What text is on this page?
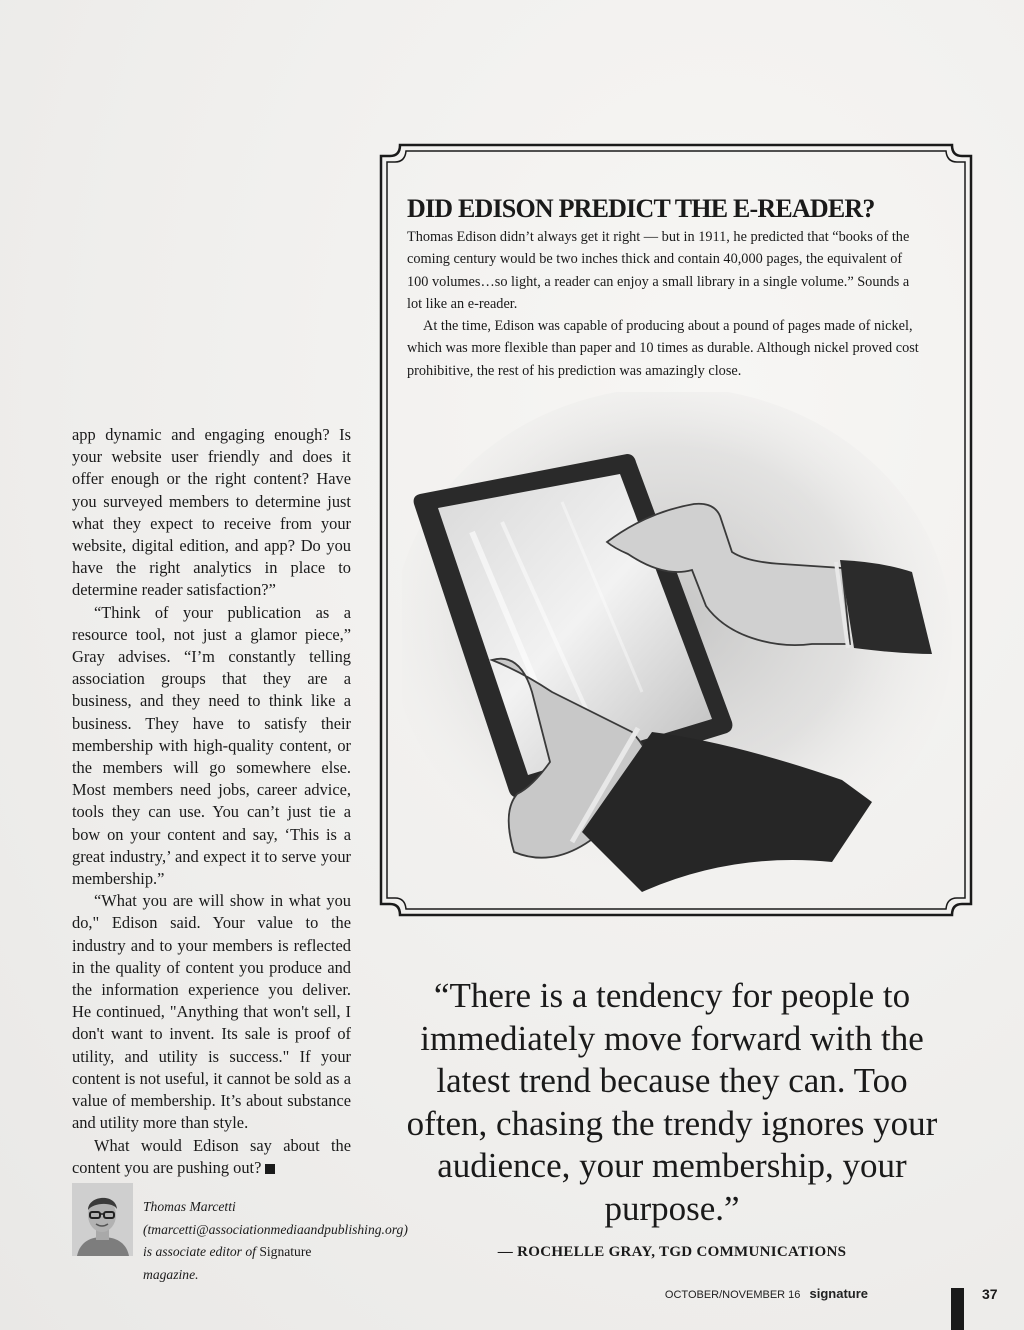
app dynamic and engaging enough? Is your website user friendly and does it offer enough or the right content? Have you surveyed members to determine just what they expect to receive from your website, digital edition, and app? Do you have the right analytics in place to determine reader satisfaction?”

“Think of your publication as a resource tool, not just a glamor piece,” Gray advises. “I’m constantly telling association groups that they are a business, and they need to think like a business. They have to satisfy their membership with high-quality content, or the members will go somewhere else. Most members need jobs, career advice, tools they can use. You can’t just tie a bow on your content and say, ‘This is a great industry,’ and expect it to serve your membership.”

“What you are will show in what you do," Edison said. Your value to the industry and to your members is reflected in the quality of content you produce and the information experience you deliver. He continued, "Anything that won't sell, I don't want to invent. Its sale is proof of utility, and utility is success." If your content is not useful, it cannot be sold as a value of membership. It’s about substance and utility more than style.

What would Edison say about the content you are pushing out?

Thomas Marcetti (tmarcetti@associationmediaandpublishing.org) is associate editor of Signature magazine.
DID EDISON PREDICT THE E-READER?

Thomas Edison didn’t always get it right — but in 1911, he predicted that “books of the coming century would be two inches thick and contain 40,000 pages, the equivalent of 100 volumes…so light, a reader can enjoy a small library in a single volume.” Sounds a lot like an e-reader.

At the time, Edison was capable of producing about a pound of pages made of nickel, which was more flexible than paper and 10 times as durable. Although nickel proved cost prohibitive, the rest of his prediction was amazingly close.

“There is a tendency for people to immediately move forward with the latest trend because they can. Too often, chasing the trendy ignores your audience, your membership, your purpose.”
— ROCHELLE GRAY, TGD COMMUNICATIONS
OCTOBER/NOVEMBER 16 signature	37
